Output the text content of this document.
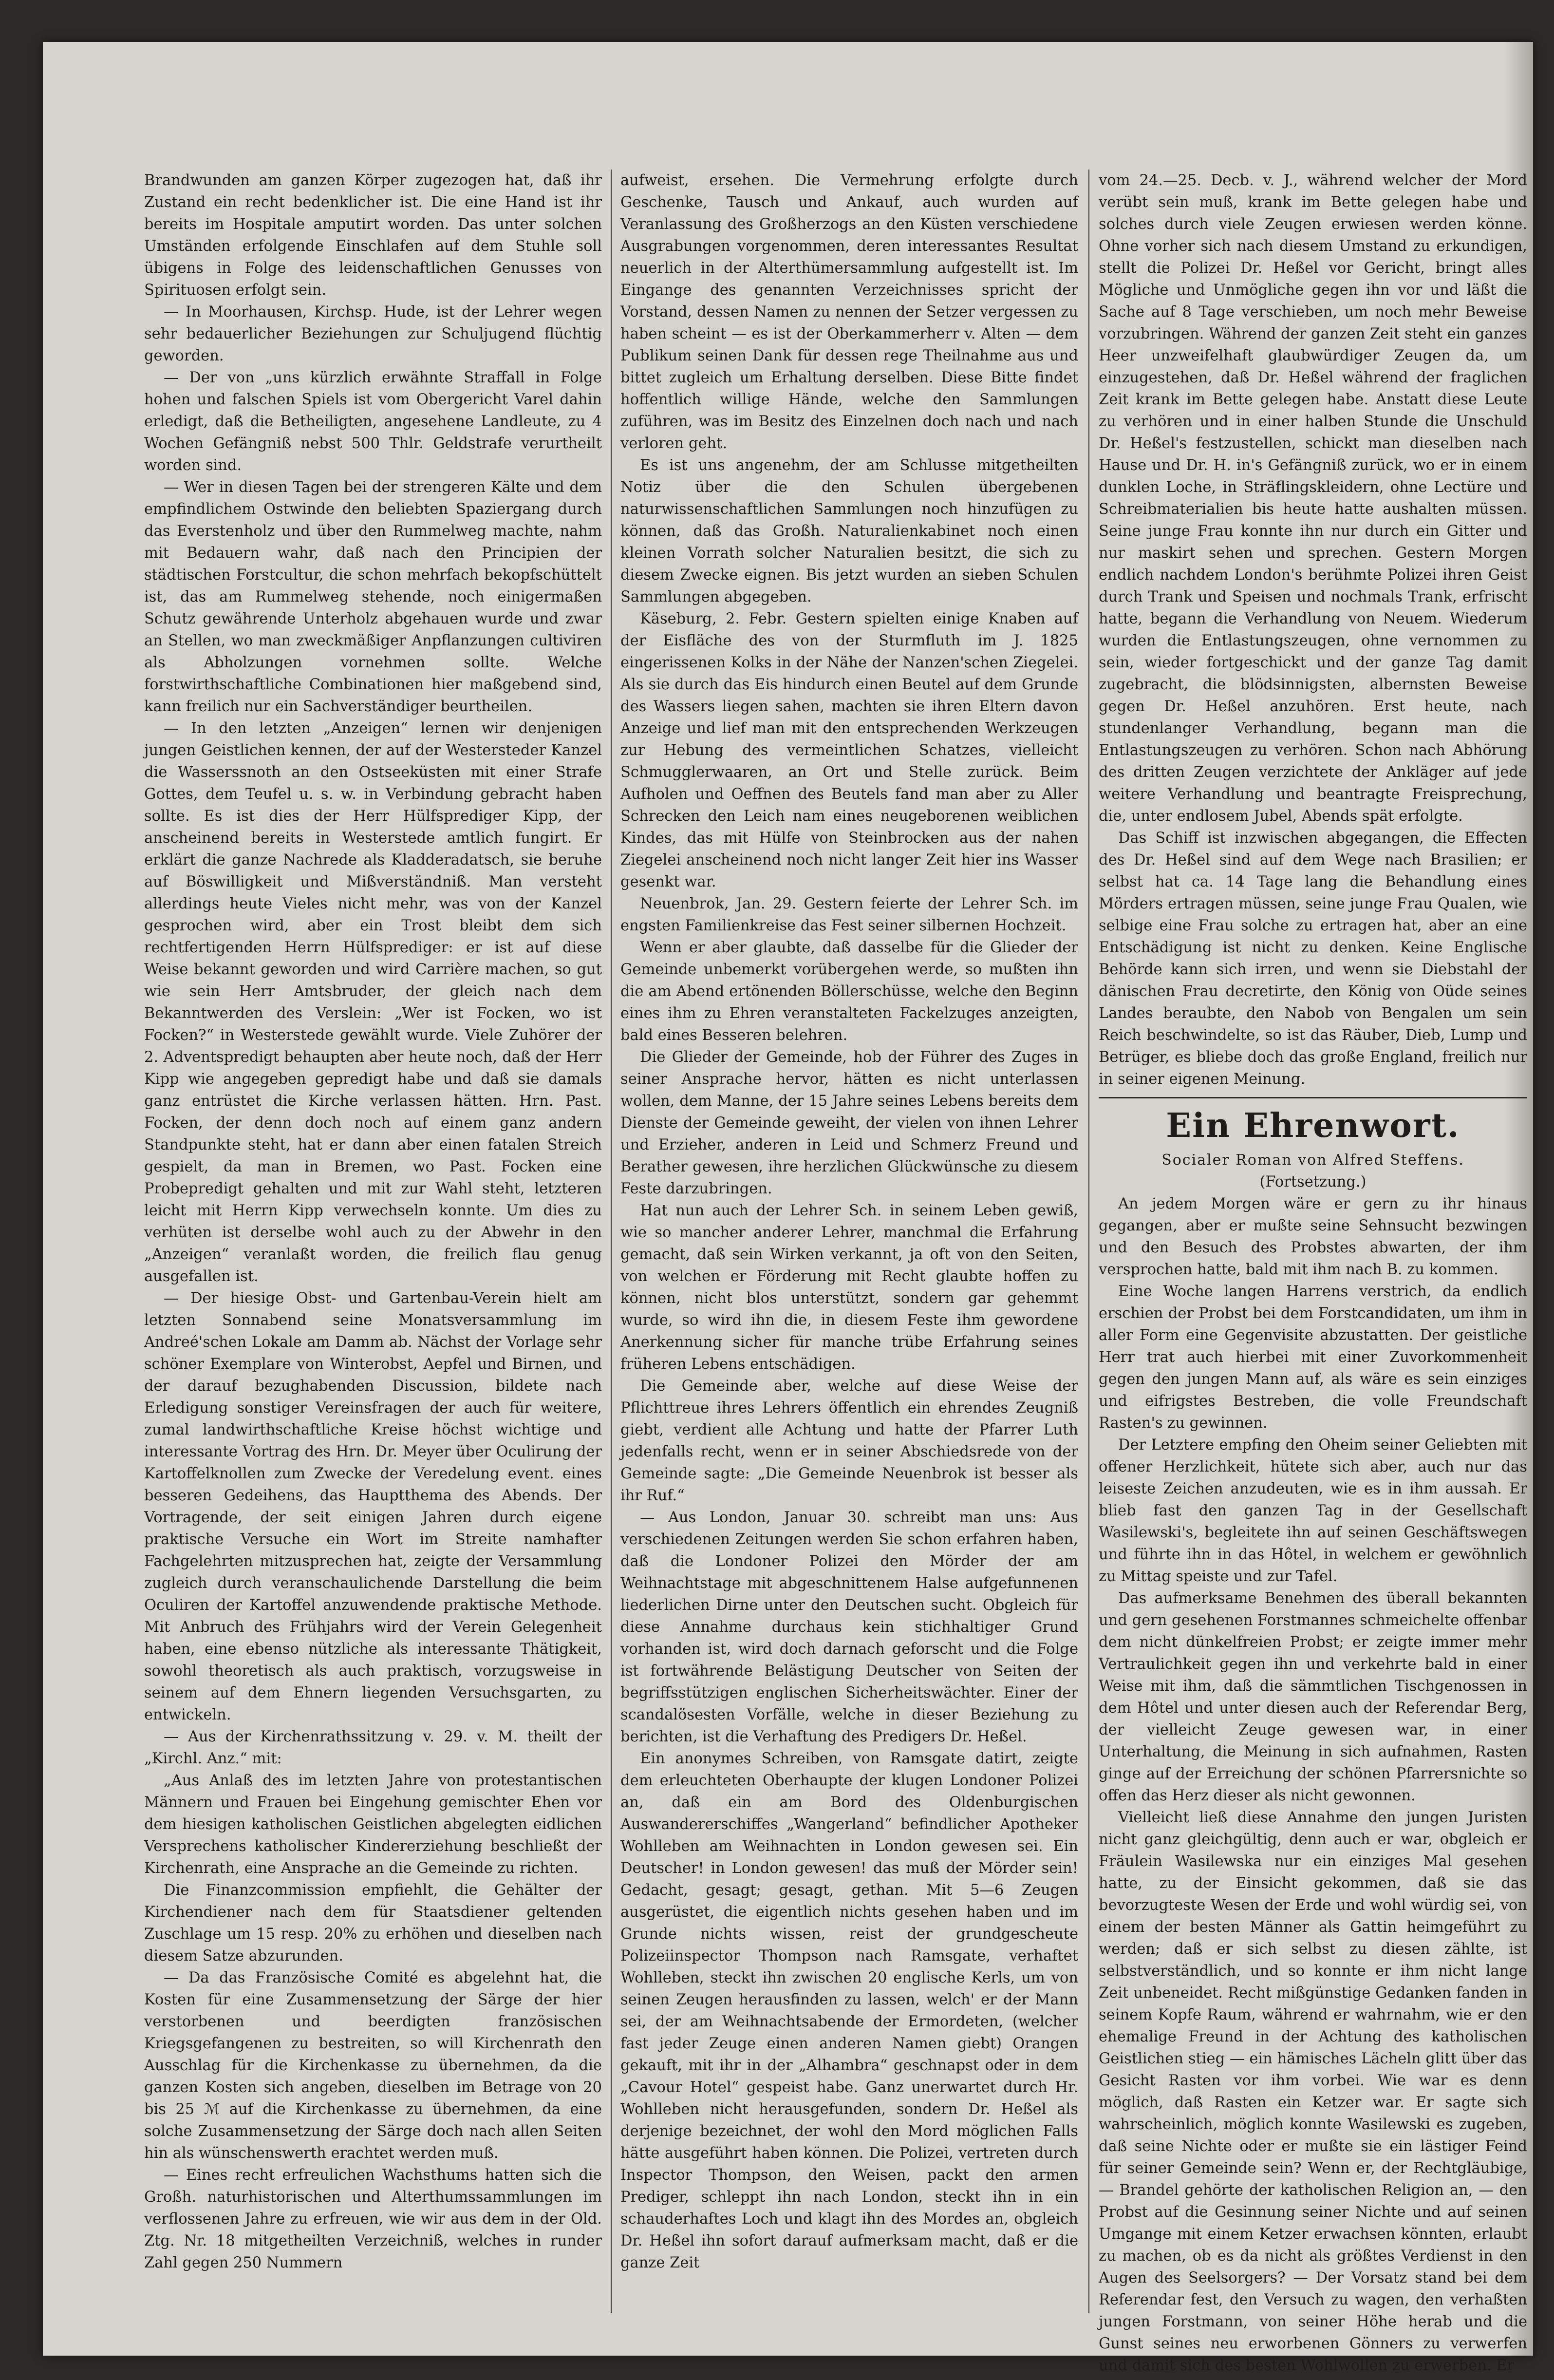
Brandwunden am ganzen Körper zugezogen hat, daß ihr Zustand ein recht bedenklicher ist. Die eine Hand ist ihr bereits im Hospitale amputirt worden. Das unter solchen Umständen erfolgende Einschlafen auf dem Stuhle soll übigens in Folge des leidenschaftlichen Genusses von Spirituosen erfolgt sein.

— In Moorhausen, Kirchsp. Hude, ist der Lehrer wegen sehr bedauerlicher Beziehungen zur Schuljugend flüchtig geworden.

— Der von „uns kürzlich erwähnte Straffall in Folge hohen und falschen Spiels ist vom Obergericht Varel dahin erledigt, daß die Betheiligten, angesehene Landleute, zu 4 Wochen Gefängniß nebst 500 Thlr. Geldstrafe verurtheilt worden sind.

— Wer in diesen Tagen bei der strengeren Kälte und dem empfindlichem Ostwinde den beliebten Spaziergang durch das Everstenholz und über den Rummelweg machte, nahm mit Bedauern wahr, daß nach den Principien der städtischen Forstcultur, die schon mehrfach bekopfschüttelt ist, das am Rummelweg stehende, noch einigermaßen Schutz gewährende Unterholz abgehauen wurde und zwar an Stellen, wo man zweckmäßiger Anpflanzungen cultiviren als Abholzungen vornehmen sollte. Welche forstwirthschaftliche Combinationen hier maßgebend sind, kann freilich nur ein Sachverständiger beurtheilen.

— In den letzten „Anzeigen“ lernen wir denjenigen jungen Geistlichen kennen, der auf der Westersteder Kanzel die Wasserssnoth an den Ostseeküsten mit einer Strafe Gottes, dem Teufel u. s. w. in Verbindung gebracht haben sollte. Es ist dies der Herr Hülfsprediger Kipp, der anscheinend bereits in Westerstede amtlich fungirt. Er erklärt die ganze Nachrede als Kladderadatsch, sie beruhe auf Böswilligkeit und Mißverständniß. Man versteht allerdings heute Vieles nicht mehr, was von der Kanzel gesprochen wird, aber ein Trost bleibt dem sich rechtfertigenden Herrn Hülfsprediger: er ist auf diese Weise bekannt geworden und wird Carrière machen, so gut wie sein Herr Amtsbruder, der gleich nach dem Bekanntwerden des Verslein: „Wer ist Focken, wo ist Focken?“ in Westerstede gewählt wurde. Viele Zuhörer der 2. Adventspredigt behaupten aber heute noch, daß der Herr Kipp wie angegeben gepredigt habe und daß sie damals ganz entrüstet die Kirche verlassen hätten. Hrn. Past. Focken, der denn doch noch auf einem ganz andern Standpunkte steht, hat er dann aber einen fatalen Streich gespielt, da man in Bremen, wo Past. Focken eine Probepredigt gehalten und mit zur Wahl steht, letzteren leicht mit Herrn Kipp verwechseln konnte. Um dies zu verhüten ist derselbe wohl auch zu der Abwehr in den „Anzeigen“ veranlaßt worden, die freilich flau genug ausgefallen ist.

— Der hiesige Obst- und Gartenbau-Verein hielt am letzten Sonnabend seine Monatsversammlung im Andreé'schen Lokale am Damm ab. Nächst der Vorlage sehr schöner Exemplare von Winterobst, Aepfel und Birnen, und der darauf bezughabenden Discussion, bildete nach Erledigung sonstiger Vereinsfragen der auch für weitere, zumal landwirthschaftliche Kreise höchst wichtige und interessante Vortrag des Hrn. Dr. Meyer über Oculirung der Kartoffelknollen zum Zwecke der Veredelung event. eines besseren Gedeihens, das Hauptthema des Abends. Der Vortragende, der seit einigen Jahren durch eigene praktische Versuche ein Wort im Streite namhafter Fachgelehrten mitzusprechen hat, zeigte der Versammlung zugleich durch veranschaulichende Darstellung die beim Oculiren der Kartoffel anzuwendende praktische Methode. Mit Anbruch des Frühjahrs wird der Verein Gelegenheit haben, eine ebenso nützliche als interessante Thätigkeit, sowohl theoretisch als auch praktisch, vorzugsweise in seinem auf dem Ehnern liegenden Versuchsgarten, zu entwickeln.

— Aus der Kirchenrathssitzung v. 29. v. M. theilt der „Kirchl. Anz.“ mit:

„Aus Anlaß des im letzten Jahre von protestantischen Männern und Frauen bei Eingehung gemischter Ehen vor dem hiesigen katholischen Geistlichen abgelegten eidlichen Versprechens katholischer Kindererziehung beschließt der Kirchenrath, eine Ansprache an die Gemeinde zu richten.

Die Finanzcommission empfiehlt, die Gehälter der Kirchendiener nach dem für Staatsdiener geltenden Zuschlage um 15 resp. 20% zu erhöhen und dieselben nach diesem Satze abzurunden.

— Da das Französische Comité es abgelehnt hat, die Kosten für eine Zusammensetzung der Särge der hier verstorbenen und beerdigten französischen Kriegsgefangenen zu bestreiten, so will Kirchenrath den Ausschlag für die Kirchenkasse zu übernehmen, da die ganzen Kosten sich angeben, dieselben im Betrage von 20 bis 25 ℳ auf die Kirchenkasse zu übernehmen, da eine solche Zusammensetzung der Särge doch nach allen Seiten hin als wünschenswerth erachtet werden muß.

— Eines recht erfreulichen Wachsthums hatten sich die Großh. naturhistorischen und Alterthumssammlungen im verflossenen Jahre zu erfreuen, wie wir aus dem in der Old. Ztg. Nr. 18 mitgetheilten Verzeichniß, welches in runder Zahl gegen 250 Nummern

aufweist, ersehen. Die Vermehrung erfolgte durch Geschenke, Tausch und Ankauf, auch wurden auf Veranlassung des Großherzogs an den Küsten verschiedene Ausgrabungen vorgenommen, deren interessantes Resultat neuerlich in der Alterthümersammlung aufgestellt ist. Im Eingange des genannten Verzeichnisses spricht der Vorstand, dessen Namen zu nennen der Setzer vergessen zu haben scheint — es ist der Oberkammerherr v. Alten — dem Publikum seinen Dank für dessen rege Theilnahme aus und bittet zugleich um Erhaltung derselben. Diese Bitte findet hoffentlich willige Hände, welche den Sammlungen zuführen, was im Besitz des Einzelnen doch nach und nach verloren geht.

Es ist uns angenehm, der am Schlusse mitgetheilten Notiz über die den Schulen übergebenen naturwissenschaftlichen Sammlungen noch hinzufügen zu können, daß das Großh. Naturalienkabinet noch einen kleinen Vorrath solcher Naturalien besitzt, die sich zu diesem Zwecke eignen. Bis jetzt wurden an sieben Schulen Sammlungen abgegeben.

Käseburg, 2. Febr. Gestern spielten einige Knaben auf der Eisfläche des von der Sturmfluth im J. 1825 eingerissenen Kolks in der Nähe der Nanzen'schen Ziegelei. Als sie durch das Eis hindurch einen Beutel auf dem Grunde des Wassers liegen sahen, machten sie ihren Eltern davon Anzeige und lief man mit den entsprechenden Werkzeugen zur Hebung des vermeintlichen Schatzes, vielleicht Schmugglerwaaren, an Ort und Stelle zurück. Beim Aufholen und Oeffnen des Beutels fand man aber zu Aller Schrecken den Leich nam eines neugeborenen weiblichen Kindes, das mit Hülfe von Steinbrocken aus der nahen Ziegelei anscheinend noch nicht langer Zeit hier ins Wasser gesenkt war.

Neuenbrok, Jan. 29. Gestern feierte der Lehrer Sch. im engsten Familienkreise das Fest seiner silbernen Hochzeit.

Wenn er aber glaubte, daß dasselbe für die Glieder der Gemeinde unbemerkt vorübergehen werde, so mußten ihn die am Abend ertönenden Böllerschüsse, welche den Beginn eines ihm zu Ehren veranstalteten Fackelzuges anzeigten, bald eines Besseren belehren.

Die Glieder der Gemeinde, hob der Führer des Zuges in seiner Ansprache hervor, hätten es nicht unterlassen wollen, dem Manne, der 15 Jahre seines Lebens bereits dem Dienste der Gemeinde geweiht, der vielen von ihnen Lehrer und Erzieher, anderen in Leid und Schmerz Freund und Berather gewesen, ihre herzlichen Glückwünsche zu diesem Feste darzubringen.

Hat nun auch der Lehrer Sch. in seinem Leben gewiß, wie so mancher anderer Lehrer, manchmal die Erfahrung gemacht, daß sein Wirken verkannt, ja oft von den Seiten, von welchen er Förderung mit Recht glaubte hoffen zu können, nicht blos unterstützt, sondern gar gehemmt wurde, so wird ihn die, in diesem Feste ihm gewordene Anerkennung sicher für manche trübe Erfahrung seines früheren Lebens entschädigen.

Die Gemeinde aber, welche auf diese Weise der Pflichttreue ihres Lehrers öffentlich ein ehrendes Zeugniß giebt, verdient alle Achtung und hatte der Pfarrer Luth jedenfalls recht, wenn er in seiner Abschiedsrede von der Gemeinde sagte: „Die Gemeinde Neuenbrok ist besser als ihr Ruf.“

— Aus London, Januar 30. schreibt man uns: Aus verschiedenen Zeitungen werden Sie schon erfahren haben, daß die Londoner Polizei den Mörder der am Weihnachtstage mit abgeschnittenem Halse aufgefunnenen liederlichen Dirne unter den Deutschen sucht. Obgleich für diese Annahme durchaus kein stichhaltiger Grund vorhanden ist, wird doch darnach geforscht und die Folge ist fortwährende Belästigung Deutscher von Seiten der begriffsstützigen englischen Sicherheitswächter. Einer der scandalösesten Vorfälle, welche in dieser Beziehung zu berichten, ist die Verhaftung des Predigers Dr. Heßel.

Ein anonymes Schreiben, von Ramsgate datirt, zeigte dem erleuchteten Oberhaupte der klugen Londoner Polizei an, daß ein am Bord des Oldenburgischen Auswandererschiffes „Wangerland“ befindlicher Apotheker Wohlleben am Weihnachten in London gewesen sei. Ein Deutscher! in London gewesen! das muß der Mörder sein! Gedacht, gesagt; gesagt, gethan. Mit 5—6 Zeugen ausgerüstet, die eigentlich nichts gesehen haben und im Grunde nichts wissen, reist der grundgescheute Polizeiinspector Thompson nach Ramsgate, verhaftet Wohlleben, steckt ihn zwischen 20 englische Kerls, um von seinen Zeugen herausfinden zu lassen, welch' er der Mann sei, der am Weihnachtsabende der Ermordeten, (welcher fast jeder Zeuge einen anderen Namen giebt) Orangen gekauft, mit ihr in der „Alhambra“ geschnapst oder in dem „Cavour Hotel“ gespeist habe. Ganz unerwartet durch Hr. Wohlleben nicht herausgefunden, sondern Dr. Heßel als derjenige bezeichnet, der wohl den Mord möglichen Falls hätte ausgeführt haben können. Die Polizei, vertreten durch Inspector Thompson, den Weisen, packt den armen Prediger, schleppt ihn nach London, steckt ihn in ein schauderhaftes Loch und klagt ihn des Mordes an, obgleich Dr. Heßel ihn sofort darauf aufmerksam macht, daß er die ganze Zeit

vom 24.—25. Decb. v. J., während welcher der Mord verübt sein muß, krank im Bette gelegen habe und solches durch viele Zeugen erwiesen werden könne. Ohne vorher sich nach diesem Umstand zu erkundigen, stellt die Polizei Dr. Heßel vor Gericht, bringt alles Mögliche und Unmögliche gegen ihn vor und läßt die Sache auf 8 Tage verschieben, um noch mehr Beweise vorzubringen. Während der ganzen Zeit steht ein ganzes Heer unzweifelhaft glaubwürdiger Zeugen da, um einzugestehen, daß Dr. Heßel während der fraglichen Zeit krank im Bette gelegen habe. Anstatt diese Leute zu verhören und in einer halben Stunde die Unschuld Dr. Heßel's festzustellen, schickt man dieselben nach Hause und Dr. H. in's Gefängniß zurück, wo er in einem dunklen Loche, in Sträflingskleidern, ohne Lectüre und Schreibmaterialien bis heute hatte aushalten müssen. Seine junge Frau konnte ihn nur durch ein Gitter und nur maskirt sehen und sprechen. Gestern Morgen endlich nachdem London's berühmte Polizei ihren Geist durch Trank und Speisen und nochmals Trank, erfrischt hatte, begann die Verhandlung von Neuem. Wiederum wurden die Entlastungszeugen, ohne vernommen zu sein, wieder fortgeschickt und der ganze Tag damit zugebracht, die blödsinnigsten, albernsten Beweise gegen Dr. Heßel anzuhören. Erst heute, nach stundenlanger Verhandlung, begann man die Entlastungszeugen zu verhören. Schon nach Abhörung des dritten Zeugen verzichtete der Ankläger auf jede weitere Verhandlung und beantragte Freisprechung, die, unter endlosem Jubel, Abends spät erfolgte.

Das Schiff ist inzwischen abgegangen, die Effecten des Dr. Heßel sind auf dem Wege nach Brasilien; er selbst hat ca. 14 Tage lang die Behandlung eines Mörders ertragen müssen, seine junge Frau Qualen, wie selbige eine Frau solche zu ertragen hat, aber an eine Entschädigung ist nicht zu denken. Keine Englische Behörde kann sich irren, und wenn sie Diebstahl der dänischen Frau decretirte, den König von Oüde seines Landes beraubte, den Nabob von Bengalen um sein Reich beschwindelte, so ist das Räuber, Dieb, Lump und Betrüger, es bliebe doch das große England, freilich nur in seiner eigenen Meinung.

Ein Ehrenwort.

Socialer Roman von Alfred Steffens.

(Fortsetzung.)

An jedem Morgen wäre er gern zu ihr hinaus gegangen, aber er mußte seine Sehnsucht bezwingen und den Besuch des Probstes abwarten, der ihm versprochen hatte, bald mit ihm nach B. zu kommen.

Eine Woche langen Harrens verstrich, da endlich erschien der Probst bei dem Forstcandidaten, um ihm in aller Form eine Gegenvisite abzustatten. Der geistliche Herr trat auch hierbei mit einer Zuvorkommenheit gegen den jungen Mann auf, als wäre es sein einziges und eifrigstes Bestreben, die volle Freundschaft Rasten's zu gewinnen.

Der Letztere empfing den Oheim seiner Geliebten mit offener Herzlichkeit, hütete sich aber, auch nur das leiseste Zeichen anzudeuten, wie es in ihm aussah. Er blieb fast den ganzen Tag in der Gesellschaft Wasilewski's, begleitete ihn auf seinen Geschäftswegen und führte ihn in das Hôtel, in welchem er gewöhnlich zu Mittag speiste und zur Tafel.

Das aufmerksame Benehmen des überall bekannten und gern gesehenen Forstmannes schmeichelte offenbar dem nicht dünkelfreien Probst; er zeigte immer mehr Vertraulichkeit gegen ihn und verkehrte bald in einer Weise mit ihm, daß die sämmtlichen Tischgenossen in dem Hôtel und unter diesen auch der Referendar Berg, der vielleicht Zeuge gewesen war, in einer Unterhaltung, die Meinung in sich aufnahmen, Rasten ginge auf der Erreichung der schönen Pfarrersnichte so offen das Herz dieser als nicht gewonnen.

Vielleicht ließ diese Annahme den jungen Juristen nicht ganz gleichgültig, denn auch er war, obgleich er Fräulein Wasilewska nur ein einziges Mal gesehen hatte, zu der Einsicht gekommen, daß sie das bevorzugteste Wesen der Erde und wohl würdig sei, von einem der besten Männer als Gattin heimgeführt zu werden; daß er sich selbst zu diesen zählte, ist selbstverständlich, und so konnte er ihm nicht lange Zeit unbeneidet. Recht mißgünstige Gedanken fanden in seinem Kopfe Raum, während er wahrnahm, wie er den ehemalige Freund in der Achtung des katholischen Geistlichen stieg — ein hämisches Lächeln glitt über das Gesicht Rasten vor ihm vorbei. Wie war es denn möglich, daß Rasten ein Ketzer war. Er sagte sich wahrscheinlich, möglich konnte Wasilewski es zugeben, daß seine Nichte oder er mußte sie ein lästiger Feind für seiner Gemeinde sein? Wenn er, der Rechtgläubige, — Brandel gehörte der katholischen Religion an, — den Probst auf die Gesinnung seiner Nichte und auf seinen Umgange mit einem Ketzer erwachsen könnten, erlaubt zu machen, ob es da nicht als größtes Verdienst in den Augen des Seelsorgers? — Der Vorsatz stand bei dem Referendar fest, den Versuch zu wagen, den verhaßten jungen Forstmann, von seiner Höhe herab und die Gunst seines neu erworbenen Gönners zu verwerfen und damit sich des besten Wohlwollen zu erwerben. Er
